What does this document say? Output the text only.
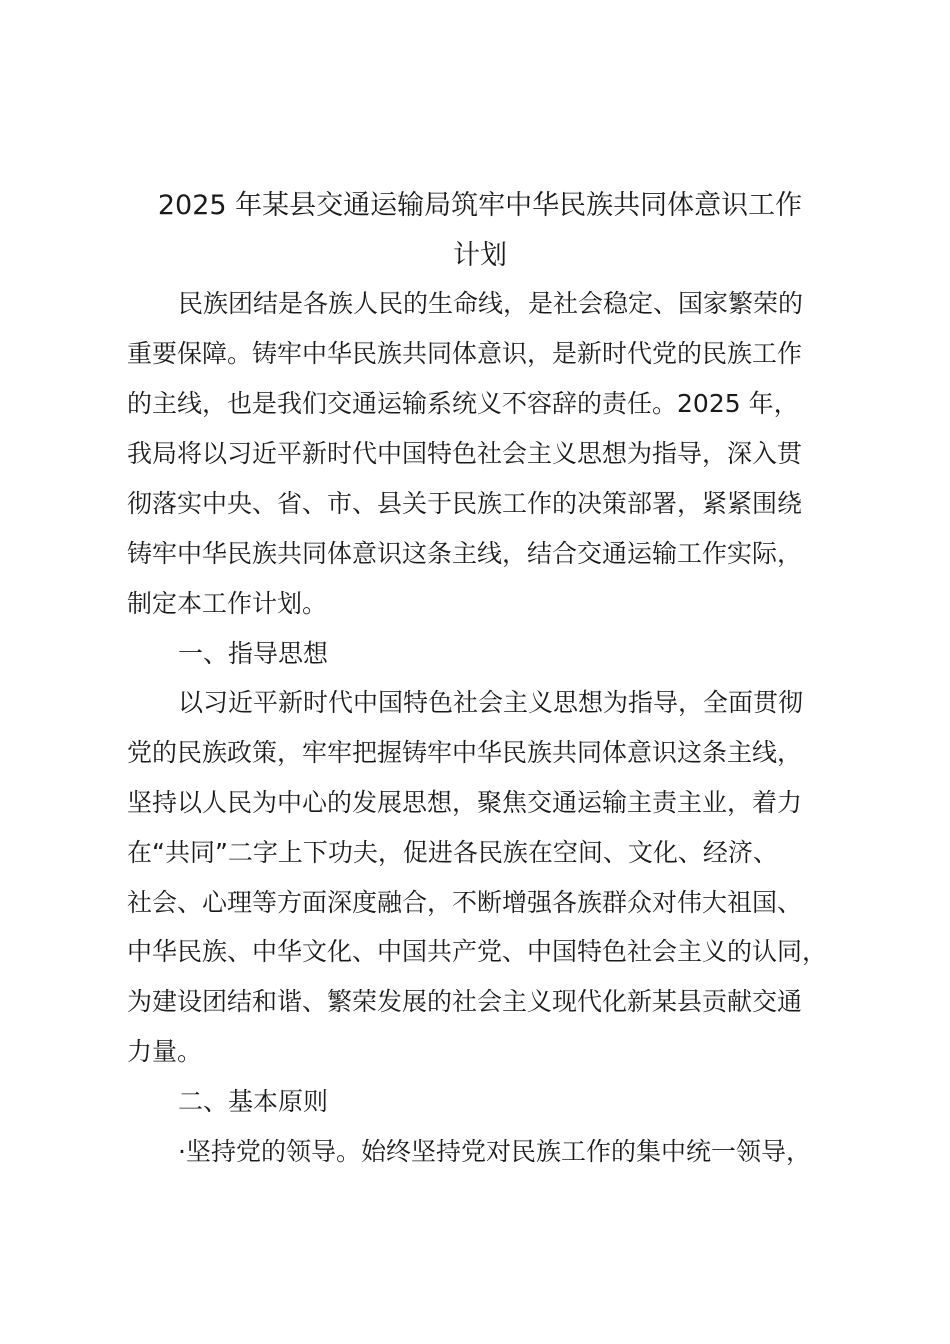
2025 年某县交通运输局筑牢中华民族共同体意识工作
计划
民族团结是各族人民的生命线，是社会稳定、国家繁荣的
重要保障。铸牢中华民族共同体意识，是新时代党的民族工作
的主线，也是我们交通运输系统义不容辞的责任。2025 年，
我局将以习近平新时代中国特色社会主义思想为指导，深入贯
彻落实中央、省、市、县关于民族工作的决策部署，紧紧围绕
铸牢中华民族共同体意识这条主线，结合交通运输工作实际，
制定本工作计划。
一、指导思想
以习近平新时代中国特色社会主义思想为指导，全面贯彻
党的民族政策，牢牢把握铸牢中华民族共同体意识这条主线，
坚持以人民为中心的发展思想，聚焦交通运输主责主业，着力
在“共同”二字上下功夫，促进各民族在空间、文化、经济、
社会、心理等方面深度融合，不断增强各族群众对伟大祖国、
中华民族、中华文化、中国共产党、中国特色社会主义的认同，
为建设团结和谐、繁荣发展的社会主义现代化新某县贡献交通
力量。
二、基本原则
·坚持党的领导。始终坚持党对民族工作的集中统一领导，
